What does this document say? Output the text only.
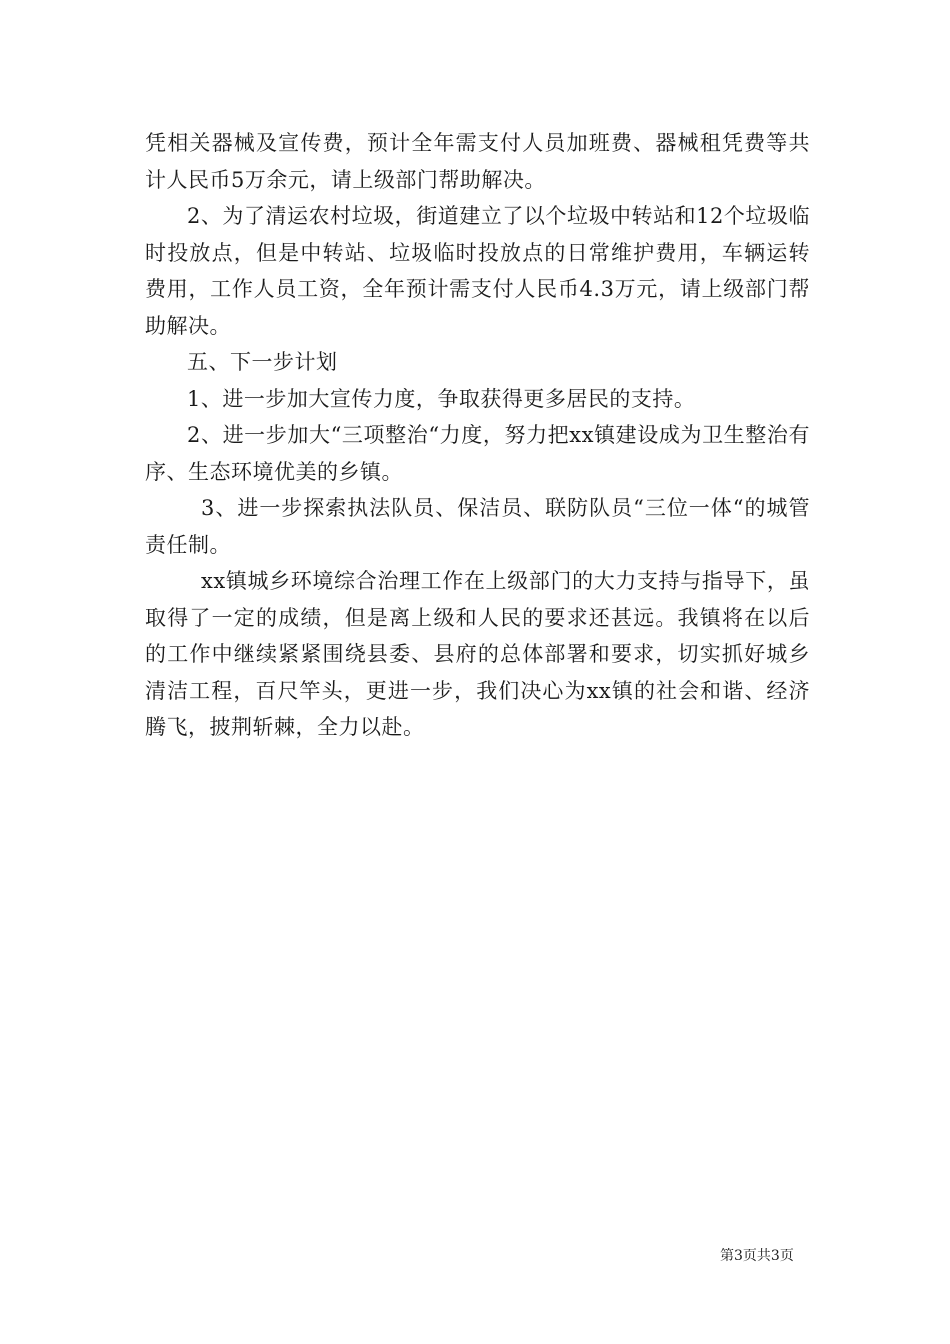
凭相关器械及宣传费，预计全年需支付人员加班费、器械租凭费等共计人民币5万余元，请上级部门帮助解决。

2、为了清运农村垃圾，街道建立了以个垃圾中转站和12个垃圾临时投放点，但是中转站、垃圾临时投放点的日常维护费用，车辆运转费用，工作人员工资，全年预计需支付人民币4.3万元，请上级部门帮助解决。

五、下一步计划

1、进一步加大宣传力度，争取获得更多居民的支持。

2、进一步加大“三项整治“力度，努力把xx镇建设成为卫生整治有序、生态环境优美的乡镇。

3、进一步探索执法队员、保洁员、联防队员“三位一体“的城管责任制。

xx镇城乡环境综合治理工作在上级部门的大力支持与指导下，虽取得了一定的成绩，但是离上级和人民的要求还甚远。我镇将在以后的工作中继续紧紧围绕县委、县府的总体部署和要求，切实抓好城乡清洁工程，百尺竿头，更进一步，我们决心为xx镇的社会和谐、经济腾飞，披荆斩棘，全力以赴。

第3页共3页
